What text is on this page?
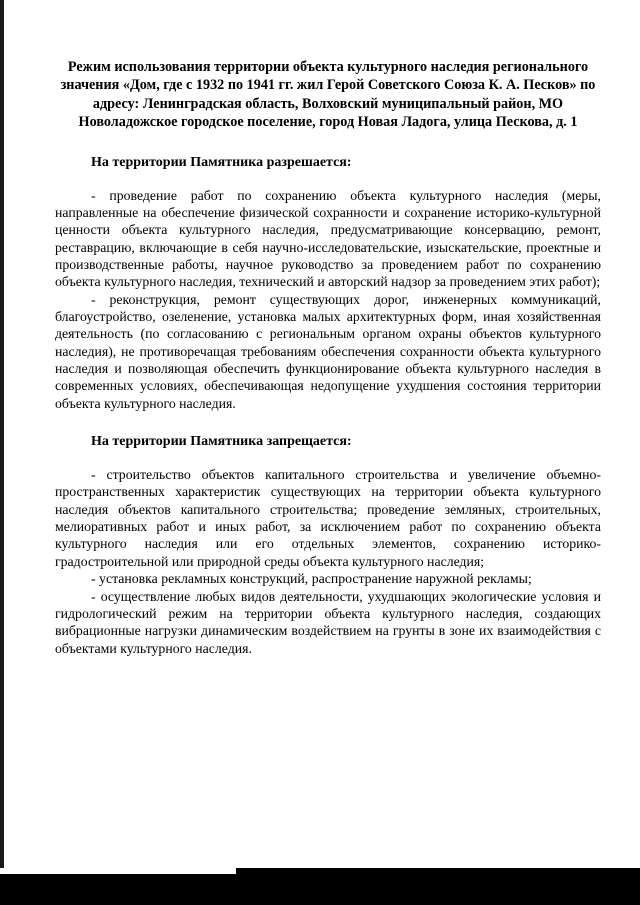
Режим использования территории объекта культурного наследия регионального значения «Дом, где с 1932 по 1941 гг. жил Герой Советского Союза К. А. Песков» по адресу: Ленинградская область, Волховский муниципальный район, МО Новоладожское городское поселение, город Новая Ладога, улица Пескова, д. 1

На территории Памятника разрешается:

- проведение работ по сохранению объекта культурного наследия (меры, направленные на обеспечение физической сохранности и сохранение историко-культурной ценности объекта культурного наследия, предусматривающие консервацию, ремонт, реставрацию, включающие в себя научно-исследовательские, изыскательские, проектные и производственные работы, научное руководство за проведением работ по сохранению объекта культурного наследия, технический и авторский надзор за проведением этих работ);

- реконструкция, ремонт существующих дорог, инженерных коммуникаций, благоустройство, озеленение, установка малых архитектурных форм, иная хозяйственная деятельность (по согласованию с региональным органом охраны объектов культурного наследия), не противоречащая требованиям обеспечения сохранности объекта культурного наследия и позволяющая обеспечить функционирование объекта культурного наследия в современных условиях, обеспечивающая недопущение ухудшения состояния территории объекта культурного наследия.

На территории Памятника запрещается:

- строительство объектов капитального строительства и увеличение объемно-пространственных характеристик существующих на территории объекта культурного наследия объектов капитального строительства; проведение земляных, строительных, мелиоративных работ и иных работ, за исключением работ по сохранению объекта культурного наследия или его отдельных элементов, сохранению историко-градостроительной или природной среды объекта культурного наследия;

- установка рекламных конструкций, распространение наружной рекламы;

- осуществление любых видов деятельности, ухудшающих экологические условия и гидрологический режим на территории объекта культурного наследия, создающих вибрационные нагрузки динамическим воздействием на грунты в зоне их взаимодействия с объектами культурного наследия.
